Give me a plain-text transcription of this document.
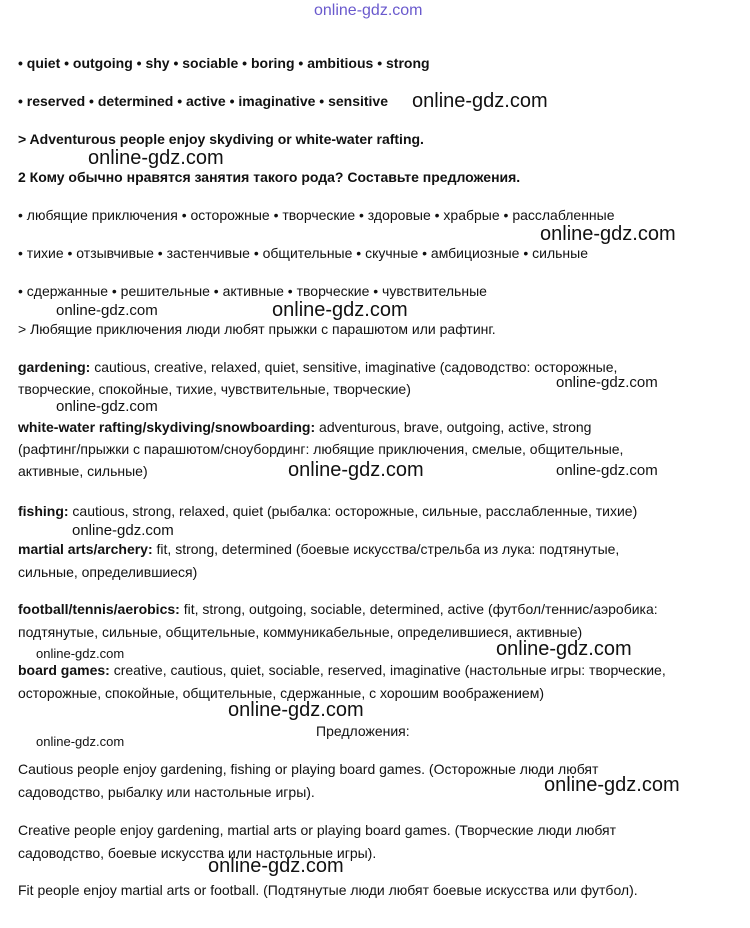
online-gdz.com
• quiet • outgoing • shy • sociable • boring • ambitious • strong
• reserved • determined • active • imaginative • sensitive online-gdz.com
> Adventurous people enjoy skydiving or white-water rafting.
online-gdz.com
2 Кому обычно нравятся занятия такого рода? Составьте предложения.
• любящие приключения • осторожные • творческие • здоровые • храбрые • расслабленные
online-gdz.com
• тихие • отзывчивые • застенчивые • общительные • скучные • амбициозные • сильные
• сдержанные • решительные • активные • творческие • чувствительные
online-gdz.com	online-gdz.com
> Любящие приключения люди любят прыжки с парашютом или рафтинг.
gardening: cautious, creative, relaxed, quiet, sensitive, imaginative (садоводство: осторожные,
творческие, спокойные, тихие, чувствительные, творческие)	online-gdz.com
online-gdz.com
white-water rafting/skydiving/snowboarding: adventurous, brave, outgoing, active, strong
(рафтинг/прыжки с парашютом/сноубординг: любящие приключения, смелые, общительные,
активные, сильные)	online-gdz.com	online-gdz.com
fishing: cautious, strong, relaxed, quiet (рыбалка: осторожные, сильные, расслабленные, тихие)
online-gdz.com
martial arts/archery: fit, strong, determined (боевые искусства/стрельба из лука: подтянутые,
сильные, определившиеся)
football/tennis/aerobics: fit, strong, outgoing, sociable, determined, active (футбол/теннис/аэробика:
подтянутые, сильные, общительные, коммуникабельные, определившиеся, активные)
online-gdz.com
online-gdz.com
board games: creative, cautious, quiet, sociable, reserved, imaginative (настольные игры: творческие,
осторожные, спокойные, общительные, сдержанные, с хорошим воображением)
online-gdz.com
Предложения:
online-gdz.com
Cautious people enjoy gardening, fishing or playing board games. (Осторожные люди любят
садоводство, рыбалку или настольные игры).	online-gdz.com
Creative people enjoy gardening, martial arts or playing board games. (Творческие люди любят
садоводство, боевые искусства или настольные игры).
online-gdz.com
Fit people enjoy martial arts or football. (Подтянутые люди любят боевые искусства или футбол).
